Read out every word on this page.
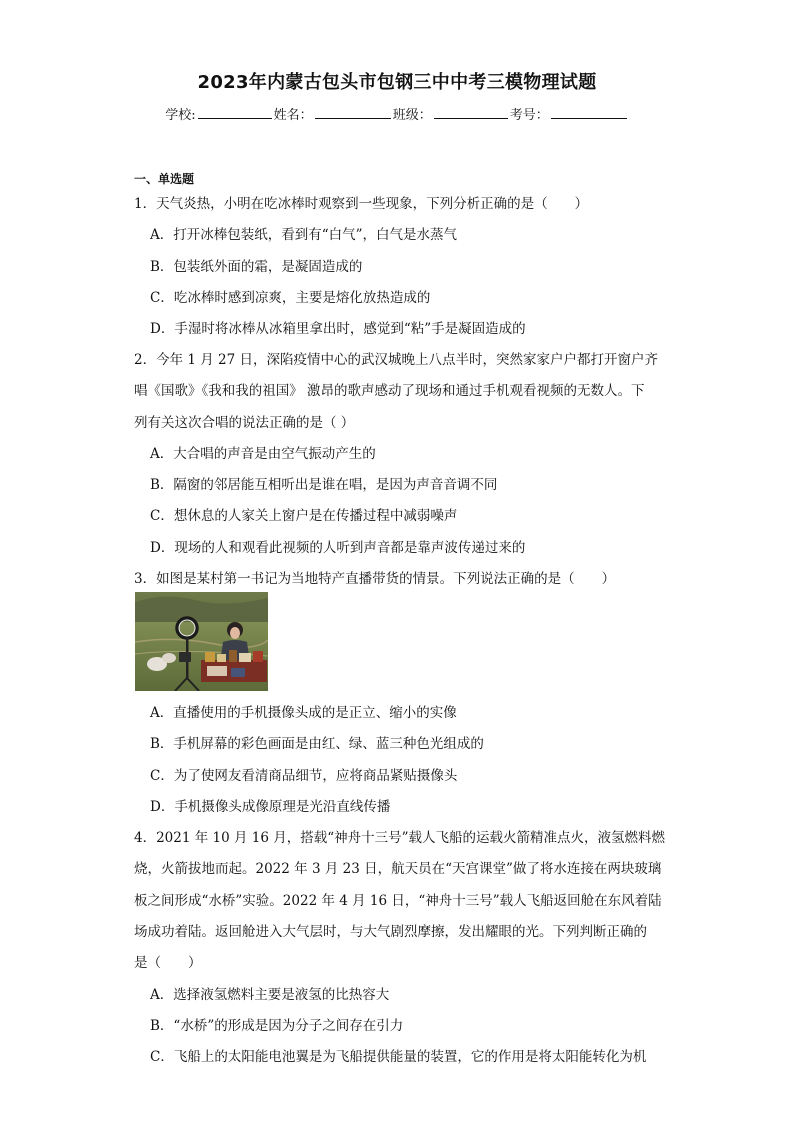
2023年内蒙古包头市包钢三中中考三模物理试题
学校:	姓名：	班级：	考号：
一、单选题
1．天气炎热，小明在吃冰棒时观察到一些现象，下列分析正确的是（　　）
A．打开冰棒包装纸，看到有“白气”，白气是水蒸气
B．包装纸外面的霜，是凝固造成的
C．吃冰棒时感到凉爽，主要是熔化放热造成的
D．手湿时将冰棒从冰箱里拿出时，感觉到“粘”手是凝固造成的
2．今年 1 月 27 日，深陷疫情中心的武汉城晚上八点半时，突然家家户户都打开窗户齐
唱《国歌》《我和我的祖国》 激昂的歌声感动了现场和通过手机观看视频的无数人。下
列有关这次合唱的说法正确的是（ ）
A．大合唱的声音是由空气振动产生的
B．隔窗的邻居能互相听出是谁在唱，是因为声音音调不同
C．想休息的人家关上窗户是在传播过程中减弱噪声
D．现场的人和观看此视频的人听到声音都是靠声波传递过来的
3．如图是某村第一书记为当地特产直播带货的情景。下列说法正确的是（　　）
A．直播使用的手机摄像头成的是正立、缩小的实像
B．手机屏幕的彩色画面是由红、绿、蓝三种色光组成的
C．为了使网友看清商品细节，应将商品紧贴摄像头
D．手机摄像头成像原理是光沿直线传播
4．2021 年 10 月 16 月，搭载“神舟十三号”载人飞船的运载火箭精准点火，液氢燃料燃
烧，火箭拔地而起。2022 年 3 月 23 日，航天员在“天宫课堂”做了将水连接在两块玻璃
板之间形成“水桥”实验。2022 年 4 月 16 日，“神舟十三号”载人飞船返回舱在东风着陆
场成功着陆。返回舱进入大气层时，与大气剧烈摩擦，发出耀眼的光。下列判断正确的
是（　　）
A．选择液氢燃料主要是液氢的比热容大
B．“水桥”的形成是因为分子之间存在引力
C．飞船上的太阳能电池翼是为飞船提供能量的装置，它的作用是将太阳能转化为机
